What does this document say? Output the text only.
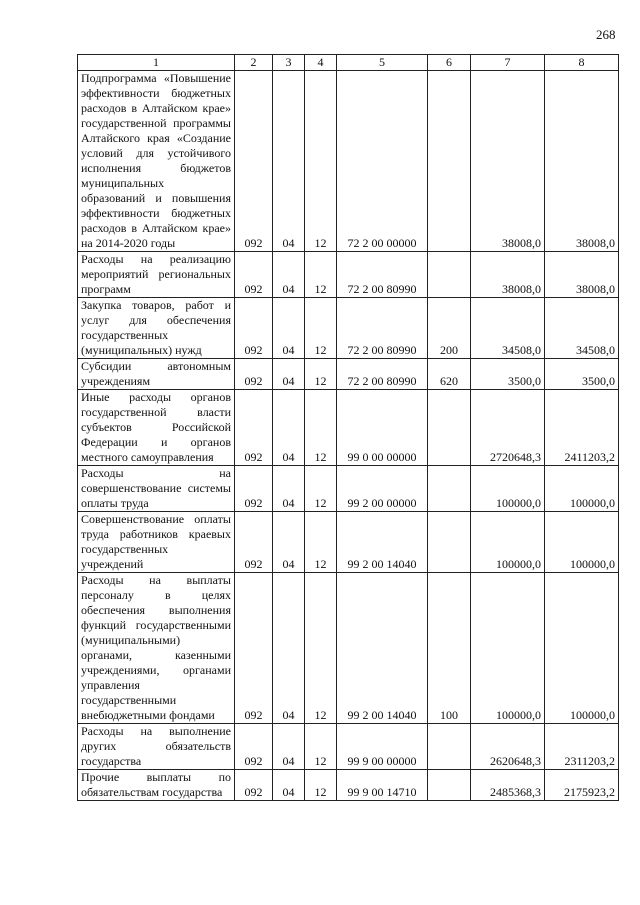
268
1	2	3	4	5	6	7	8
Подпрограмма «Повышение эффективности бюджетных расходов в Алтайском крае» государственной программы Алтайского края «Создание условий для устойчивого исполнения бюджетов муниципальных образований и повышения эффективности бюджетных расходов в Алтайском крае» на 2014-2020 годы	092	04	12	72 2 00 00000		38008,0	38008,0
Расходы на реализацию мероприятий региональных программ	092	04	12	72 2 00 80990		38008,0	38008,0
Закупка товаров, работ и услуг для обеспечения государственных (муниципальных) нужд	092	04	12	72 2 00 80990	200	34508,0	34508,0
Субсидии автономным учреждениям	092	04	12	72 2 00 80990	620	3500,0	3500,0
Иные расходы органов государственной власти субъектов Российской Федерации и органов местного самоуправления	092	04	12	99 0 00 00000		2720648,3	2411203,2
Расходы на совершенствование системы оплаты труда	092	04	12	99 2 00 00000		100000,0	100000,0
Совершенствование оплаты труда работников краевых государственных учреждений	092	04	12	99 2 00 14040		100000,0	100000,0
Расходы на выплаты персоналу в целях обеспечения выполнения функций государственными (муниципальными) органами, казенными учреждениями, органами управления государственными внебюджетными фондами	092	04	12	99 2 00 14040	100	100000,0	100000,0
Расходы на выполнение других обязательств государства	092	04	12	99 9 00 00000		2620648,3	2311203,2
Прочие выплаты по обязательствам государства	092	04	12	99 9 00 14710		2485368,3	2175923,2
